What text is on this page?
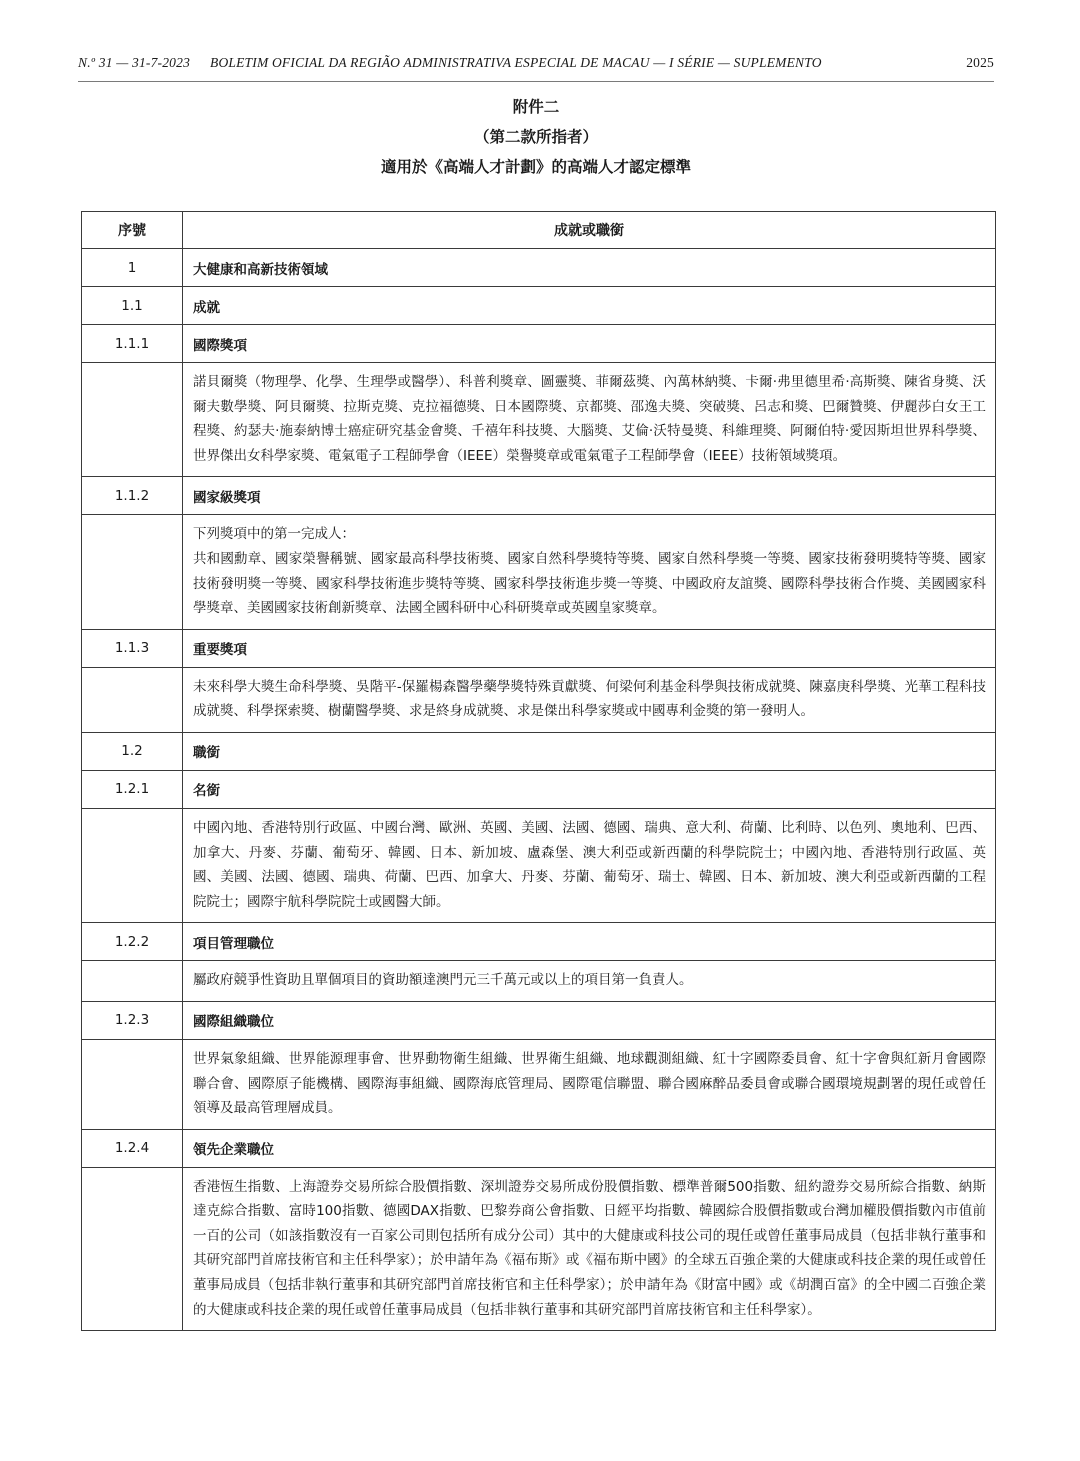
N.º 31 — 31-7-2023 BOLETIM OFICIAL DA REGIÃO ADMINISTRATIVA ESPECIAL DE MACAU — I SÉRIE — SUPLEMENTO	2025
附件二
（第二款所指者）
適用於《高端人才計劃》的高端人才認定標準
序號	成就或職銜
1	大健康和高新技術領域
1.1	成就
1.1.1	國際獎項
	諾貝爾獎（物理學、化學、生理學或醫學）、科普利獎章、圖靈獎、菲爾茲獎、內萬林納獎、卡爾·弗里德里希·高斯獎、陳省身獎、沃爾夫數學獎、阿貝爾獎、拉斯克獎、克拉福德獎、日本國際獎、京都獎、邵逸夫獎、突破獎、呂志和獎、巴爾贊獎、伊麗莎白女王工程獎、約瑟夫·施泰納博士癌症研究基金會獎、千禧年科技獎、大腦獎、艾倫·沃特曼獎、科維理獎、阿爾伯特·愛因斯坦世界科學獎、世界傑出女科學家獎、電氣電子工程師學會（IEEE）榮譽獎章或電氣電子工程師學會（IEEE）技術領域獎項。
1.1.2	國家級獎項

	下列獎項中的第一完成人：
共和國勳章、國家榮譽稱號、國家最高科學技術獎、國家自然科學獎特等獎、國家自然科學獎一等獎、國家技術發明獎特等獎、國家技術發明獎一等獎、國家科學技術進步獎特等獎、國家科學技術進步獎一等獎、中國政府友誼獎、國際科學技術合作獎、美國國家科學獎章、美國國家技術創新獎章、法國全國科研中心科研獎章或英國皇家獎章。

1.1.3	重要獎項
	未來科學大獎生命科學獎、吳階平-保羅楊森醫學藥學獎特殊貢獻獎、何梁何利基金科學與技術成就獎、陳嘉庚科學獎、光華工程科技成就獎、科學探索獎、樹蘭醫學獎、求是終身成就獎、求是傑出科學家獎或中國專利金獎的第一發明人。
1.2	職銜
1.2.1	名銜
	中國內地、香港特別行政區、中國台灣、歐洲、英國、美國、法國、德國、瑞典、意大利、荷蘭、比利時、以色列、奧地利、巴西、加拿大、丹麥、芬蘭、葡萄牙、韓國、日本、新加坡、盧森堡、澳大利亞或新西蘭的科學院院士；中國內地、香港特別行政區、英國、美國、法國、德國、瑞典、荷蘭、巴西、加拿大、丹麥、芬蘭、葡萄牙、瑞士、韓國、日本、新加坡、澳大利亞或新西蘭的工程院院士；國際宇航科學院院士或國醫大師。
1.2.2	項目管理職位
	屬政府競爭性資助且單個項目的資助額達澳門元三千萬元或以上的項目第一負責人。
1.2.3	國際組織職位
	世界氣象組織、世界能源理事會、世界動物衛生組織、世界衛生組織、地球觀測組織、紅十字國際委員會、紅十字會與紅新月會國際聯合會、國際原子能機構、國際海事組織、國際海底管理局、國際電信聯盟、聯合國麻醉品委員會或聯合國環境規劃署的現任或曾任領導及最高管理層成員。
1.2.4	領先企業職位
	香港恆生指數、上海證券交易所綜合股價指數、深圳證券交易所成份股價指數、標準普爾500指數、紐約證券交易所綜合指數、納斯達克綜合指數、富時100指數、德國DAX指數、巴黎券商公會指數、日經平均指數、韓國綜合股價指數或台灣加權股價指數內市值前一百的公司（如該指數沒有一百家公司則包括所有成分公司）其中的大健康或科技公司的現任或曾任董事局成員（包括非執行董事和其研究部門首席技術官和主任科學家）；於申請年為《福布斯》或《福布斯中國》的全球五百強企業的大健康或科技企業的現任或曾任董事局成員（包括非執行董事和其研究部門首席技術官和主任科學家）；於申請年為《財富中國》或《胡潤百富》的全中國二百強企業的大健康或科技企業的現任或曾任董事局成員（包括非執行董事和其研究部門首席技術官和主任科學家）。
